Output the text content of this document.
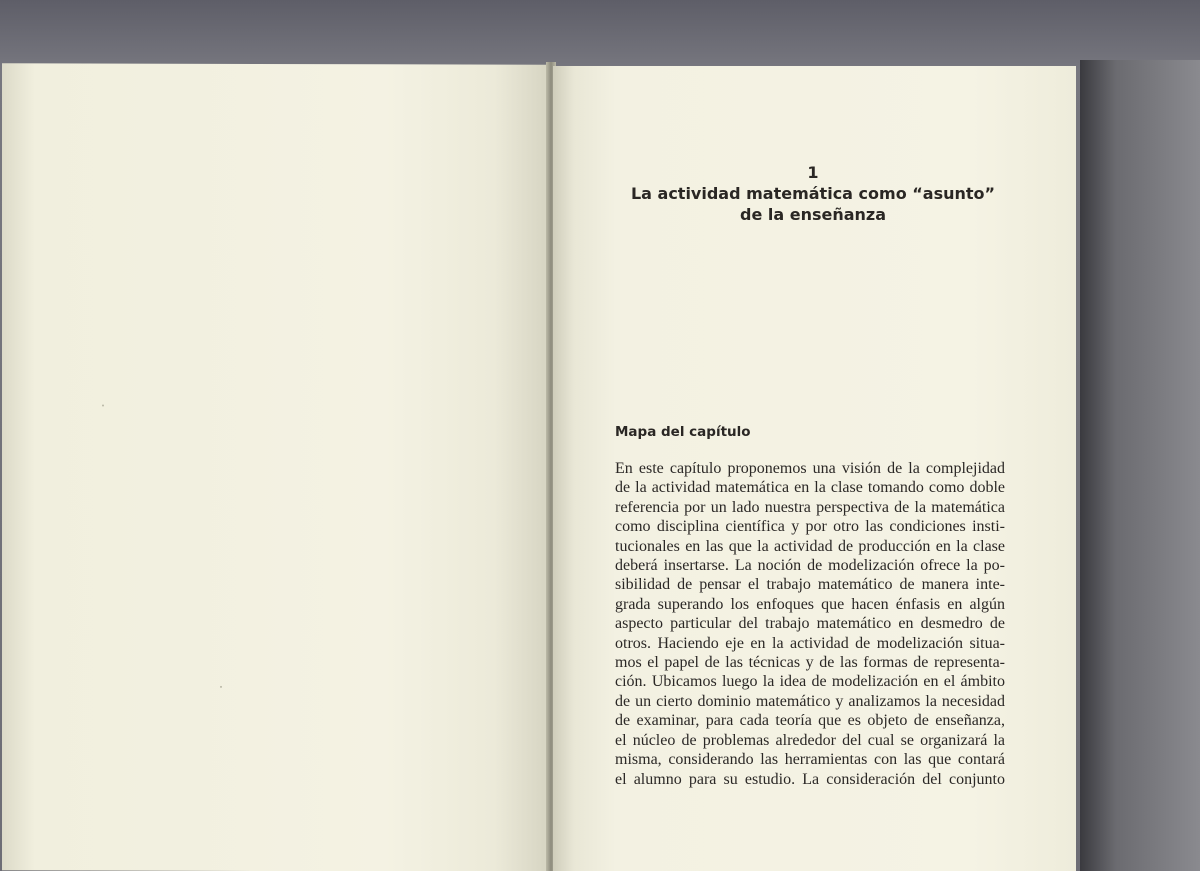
1
La actividad matemática como “asunto”
de la enseñanza
Mapa del capítulo
En este capítulo proponemos una visión de la complejidad
de la actividad matemática en la clase tomando como doble
referencia por un lado nuestra perspectiva de la matemática
como disciplina científica y por otro las condiciones insti-
tucionales en las que la actividad de producción en la clase
deberá insertarse. La noción de modelización ofrece la po-
sibilidad de pensar el trabajo matemático de manera inte-
grada superando los enfoques que hacen énfasis en algún
aspecto particular del trabajo matemático en desmedro de
otros. Haciendo eje en la actividad de modelización situa-
mos el papel de las técnicas y de las formas de representa-
ción. Ubicamos luego la idea de modelización en el ámbito
de un cierto dominio matemático y analizamos la necesidad
de examinar, para cada teoría que es objeto de enseñanza,
el núcleo de problemas alrededor del cual se organizará la
misma, considerando las herramientas con las que contará
el alumno para su estudio. La consideración del conjunto
